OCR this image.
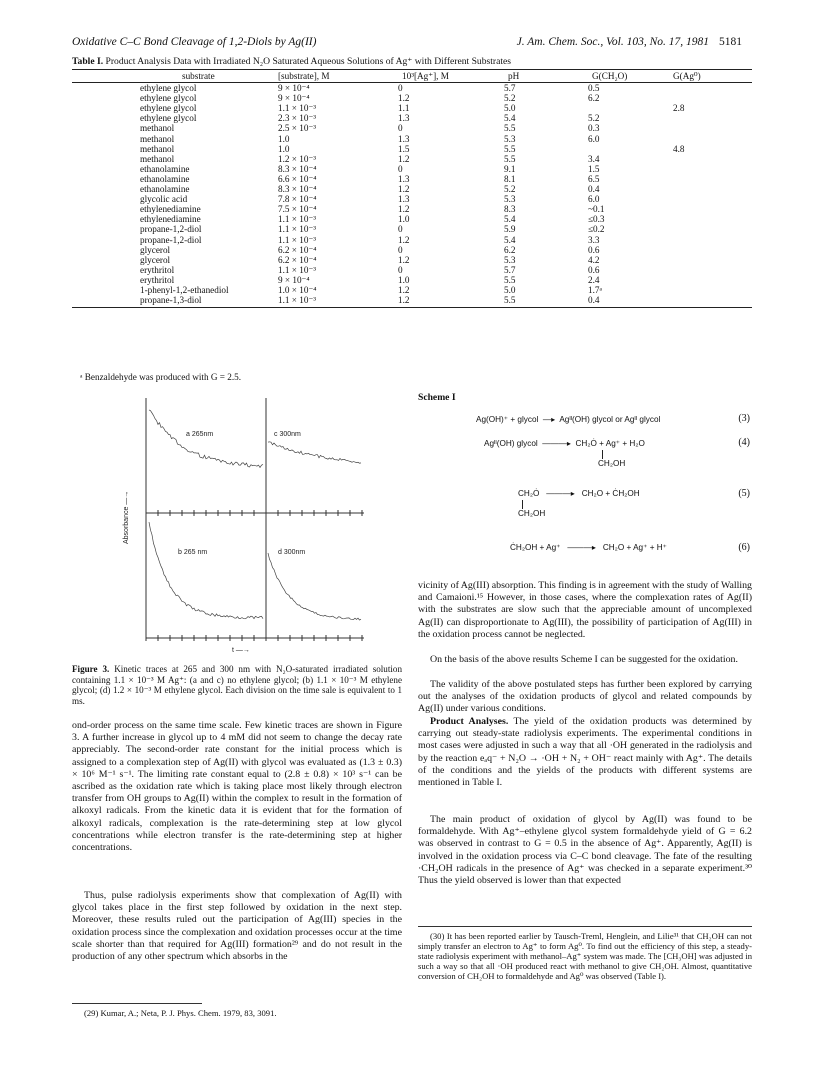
Oxidative C–C Bond Cleavage of 1,2-Diols by Ag(II)	J. Am. Chem. Soc., Vol. 103, No. 17, 1981 5181
Table I. Product Analysis Data with Irradiated N₂O Saturated Aqueous Solutions of Ag⁺ with Different Substrates
substrate	[substrate], M	10³[Ag⁺], M	pH	G(CH₂O)	G(Ag⁰)
ethylene glycol	9 × 10⁻⁴	0	5.7	0.5	
ethylene glycol	9 × 10⁻⁴	1.2	5.2	6.2	
ethylene glycol	1.1 × 10⁻³	1.1	5.0		2.8
ethylene glycol	2.3 × 10⁻³	1.3	5.4	5.2	
methanol	2.5 × 10⁻³	0	5.5	0.3	
methanol	1.0	1.3	5.3	6.0	
methanol	1.0	1.5	5.5		4.8
methanol	1.2 × 10⁻³	1.2	5.5	3.4	
ethanolamine	8.3 × 10⁻⁴	0	9.1	1.5	
ethanolamine	6.6 × 10⁻⁴	1.3	8.1	6.5	
ethanolamine	8.3 × 10⁻⁴	1.2	5.2	0.4	
glycolic acid	7.8 × 10⁻⁴	1.3	5.3	6.0	
ethylenediamine	7.5 × 10⁻⁴	1.2	8.3	~0.1	
ethylenediamine	1.1 × 10⁻³	1.0	5.4	≤0.3	
propane-1,2-diol	1.1 × 10⁻³	0	5.9	≤0.2	
propane-1,2-diol	1.1 × 10⁻³	1.2	5.4	3.3	
glycerol	6.2 × 10⁻⁴	0	6.2	0.6	
glycerol	6.2 × 10⁻⁴	1.2	5.3	4.2	
erythritol	1.1 × 10⁻³	0	5.7	0.6	
erythritol	9 × 10⁻⁴	1.0	5.5	2.4	
1-phenyl-1,2-ethanediol	1.0 × 10⁻⁴	1.2	5.0	1.7ᵃ	
propane-1,3-diol	1.1 × 10⁻³	1.2	5.5	0.4	
ᵃ Benzaldehyde was produced with G = 2.5.
a 265nm	c 300nm
b 265 nm	d 300nm
Absorbance —→
t —→
Figure 3. Kinetic traces at 265 and 300 nm with N₂O-saturated irradiated solution containing 1.1 × 10⁻³ M Ag⁺: (a and c) no ethylene glycol; (b) 1.1 × 10⁻³ M ethylene glycol; (d) 1.2 × 10⁻³ M ethylene glycol. Each division on the time sale is equivalent to 1 ms.
ond-order process on the same time scale. Few kinetic traces are shown in Figure 3. A further increase in glycol up to 4 mM did not seem to change the decay rate appreciably. The second-order rate constant for the initial process which is assigned to a complexation step of Ag(II) with glycol was evaluated as (1.3 ± 0.3) × 10⁶ M⁻¹ s⁻¹. The limiting rate constant equal to (2.8 ± 0.8) × 10³ s⁻¹ can be ascribed as the oxidation rate which is taking place most likely through electron transfer from OH groups to Ag(II) within the complex to result in the formation of alkoxyl radicals. From the kinetic data it is evident that for the formation of alkoxyl radicals, complexation is the rate-determining step at low glycol concentrations while electron transfer is the rate-determining step at higher concentrations.
Thus, pulse radiolysis experiments show that complexation of Ag(II) with glycol takes place in the first step followed by oxidation in the next step. Moreover, these results ruled out the participation of Ag(III) species in the oxidation process since the complexation and oxidation processes occur at the time scale shorter than that required for Ag(III) formation²⁹ and do not result in the production of any other spectrum which absorbs in the
(29) Kumar, A.; Neta, P. J. Phys. Chem. 1979, 83, 3091.
Scheme I
Ag(OH)⁺ + glycol  —▸  Agᴵᴵ(OH) glycol or Agᴵᴵ glycol	(3)
Agᴵᴵ(OH) glycol  ———▸  CH₂Ȯ + Ag⁺ + H₂O
CH₂OH
(4)
CH₂Ȯ   ———▸   CH₂O + ĊH₂OH
CH₂OH
(5)
ĊH₂OH + Ag⁺   ———▸   CH₂O + Ag⁺ + H⁺	(6)
vicinity of Ag(III) absorption. This finding is in agreement with the study of Walling and Camaioni.¹⁵ However, in those cases, where the complexation rates of Ag(II) with the substrates are slow such that the appreciable amount of uncomplexed Ag(II) can disproportionate to Ag(III), the possibility of participation of Ag(III) in the oxidation process cannot be neglected.
On the basis of the above results Scheme I can be suggested for the oxidation.
The validity of the above postulated steps has further been explored by carrying out the analyses of the oxidation products of glycol and related compounds by Ag(II) under various conditions.
Product Analyses. The yield of the oxidation products was determined by carrying out steady-state radiolysis experiments. The experimental conditions in most cases were adjusted in such a way that all ·OH generated in the radiolysis and by the reaction eₐq⁻ + N₂O → ·OH + N₂ + OH⁻ react mainly with Ag⁺. The details of the conditions and the yields of the products with different systems are mentioned in Table I.
The main product of oxidation of glycol by Ag(II) was found to be formaldehyde. With Ag⁺–ethylene glycol system formaldehyde yield of G = 6.2 was observed in contrast to G = 0.5 in the absence of Ag⁺. Apparently, Ag(II) is involved in the oxidation process via C–C bond cleavage. The fate of the resulting ·CH₂OH radicals in the presence of Ag⁺ was checked in a separate experiment.³⁰ Thus the yield observed is lower than that expected
(30) It has been reported earlier by Tausch-Treml, Henglein, and Lilie³¹ that CH₂OH can not simply transfer an electron to Ag⁺ to form Ag⁰. To find out the efficiency of this step, a steady-state radiolysis experiment with methanol–Ag⁺ system was made. The [CH₃OH] was adjusted in such a way so that all ·OH produced react with methanol to give CH₂OH. Almost, quantitative conversion of CH₂OH to formaldehyde and Ag⁰ was observed (Table I).
